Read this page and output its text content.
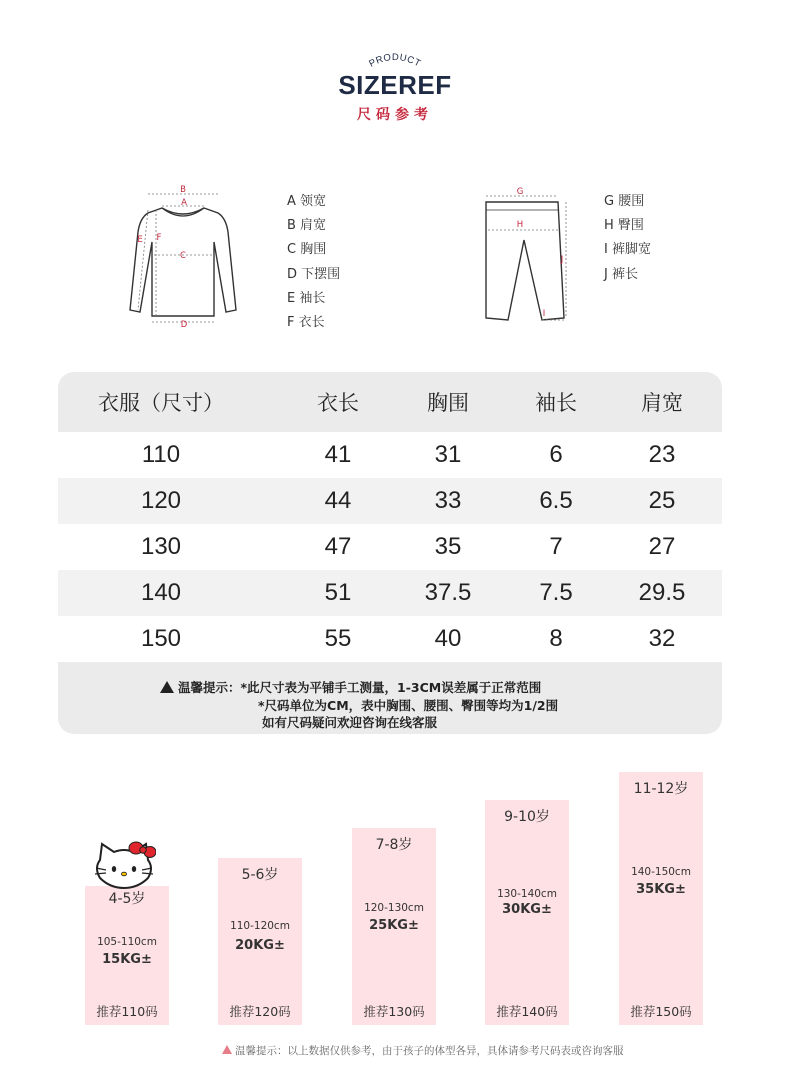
PRODUCT
SIZEREF
尺码参考
B
A
C
D
E F
A 领宽
B 肩宽
C 胸围
D 下摆围
E 袖长
F 衣长
G
H
I
J
G 腰围
H 臀围
I 裤脚宽
J 裤长
衣服（尺寸）	衣长	胸围	袖长	肩宽
110	41	31	6	23
120	44	33	6.5	25
130	47	35	7	27
140	51	37.5	7.5	29.5
150	55	40	8	32
温馨提示：*此尺寸表为平铺手工测量，1-3CM误差属于正常范围
*尺码单位为CM，表中胸围、腰围、臀围等均为1/2围
如有尺码疑问欢迎咨询在线客服
4-5岁
105-110cm
15KG±
推荐110码
5-6岁
110-120cm
20KG±
推荐120码
7-8岁
120-130cm
25KG±
推荐130码
9-10岁
130-140cm
30KG±
推荐140码
11-12岁
140-150cm
35KG±
推荐150码
温馨提示：以上数据仅供参考，由于孩子的体型各异，具体请参考尺码表或咨询客服
